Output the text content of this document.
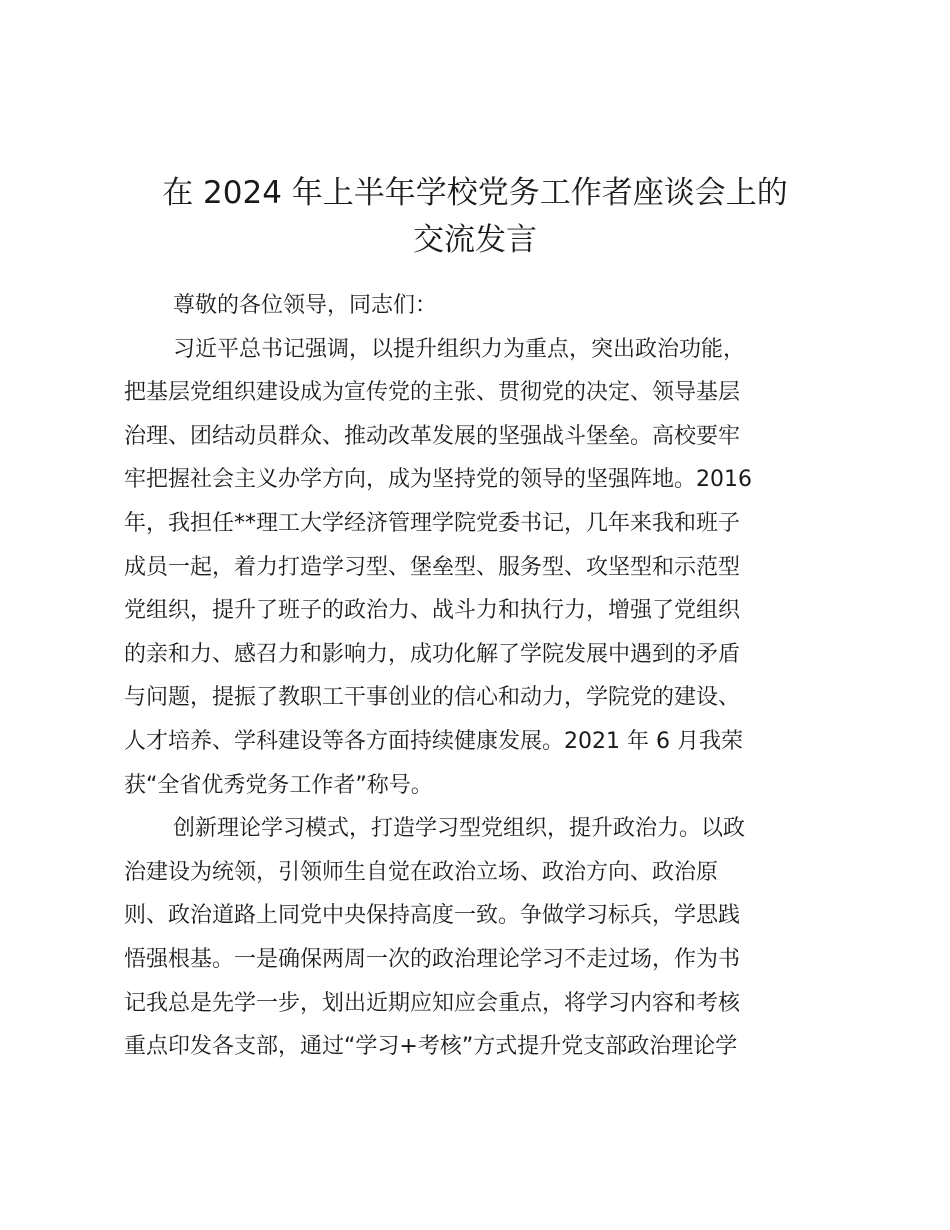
在 2024 年上半年学校党务工作者座谈会上的
交流发言
尊敬的各位领导，同志们：
习近平总书记强调，以提升组织力为重点，突出政治功能，
把基层党组织建设成为宣传党的主张、贯彻党的决定、领导基层
治理、团结动员群众、推动改革发展的坚强战斗堡垒。高校要牢
牢把握社会主义办学方向，成为坚持党的领导的坚强阵地。2016
年，我担任**理工大学经济管理学院党委书记，几年来我和班子
成员一起，着力打造学习型、堡垒型、服务型、攻坚型和示范型
党组织，提升了班子的政治力、战斗力和执行力，增强了党组织
的亲和力、感召力和影响力，成功化解了学院发展中遇到的矛盾
与问题，提振了教职工干事创业的信心和动力，学院党的建设、
人才培养、学科建设等各方面持续健康发展。2021 年 6 月我荣
获“全省优秀党务工作者”称号。
创新理论学习模式，打造学习型党组织，提升政治力。以政
治建设为统领，引领师生自觉在政治立场、政治方向、政治原
则、政治道路上同党中央保持高度一致。争做学习标兵，学思践
悟强根基。一是确保两周一次的政治理论学习不走过场，作为书
记我总是先学一步，划出近期应知应会重点，将学习内容和考核
重点印发各支部，通过“学习+考核”方式提升党支部政治理论学
